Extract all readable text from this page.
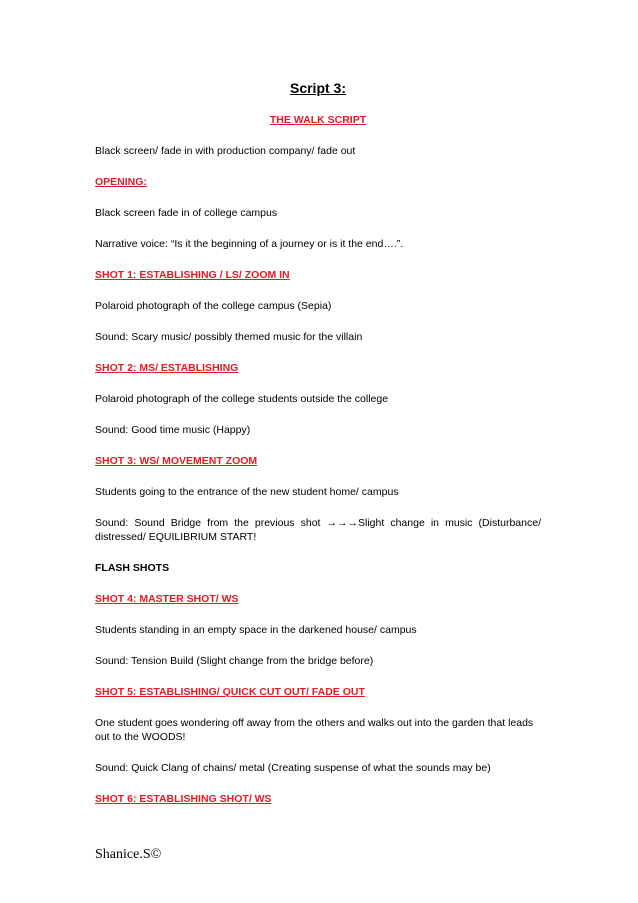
Script 3:
THE WALK SCRIPT
Black screen/ fade in with production company/ fade out
OPENING:
Black screen fade in of college campus
Narrative voice: “Is it the beginning of a journey or is it the end….”.
SHOT 1: ESTABLISHING / LS/ ZOOM IN
Polaroid photograph of the college campus (Sepia)
Sound: Scary music/ possibly themed music for the villain
SHOT 2: MS/ ESTABLISHING
Polaroid photograph of the college students outside the college
Sound: Good time music (Happy)
SHOT 3: WS/ MOVEMENT ZOOM
Students going to the entrance of the new student home/ campus
Sound: Sound Bridge from the previous shot →→→Slight change in music (Disturbance/ distressed/ EQUILIBRIUM START!
FLASH SHOTS
SHOT 4: MASTER SHOT/ WS
Students standing in an empty space in the darkened house/ campus
Sound: Tension Build (Slight change from the bridge before)
SHOT 5: ESTABLISHING/ QUICK CUT OUT/ FADE OUT
One student goes wondering off away from the others and walks out into the garden that leads out to the WOODS!
Sound: Quick Clang of chains/ metal (Creating suspense of what the sounds may be)
SHOT 6: ESTABLISHING SHOT/ WS
Shanice.S©
